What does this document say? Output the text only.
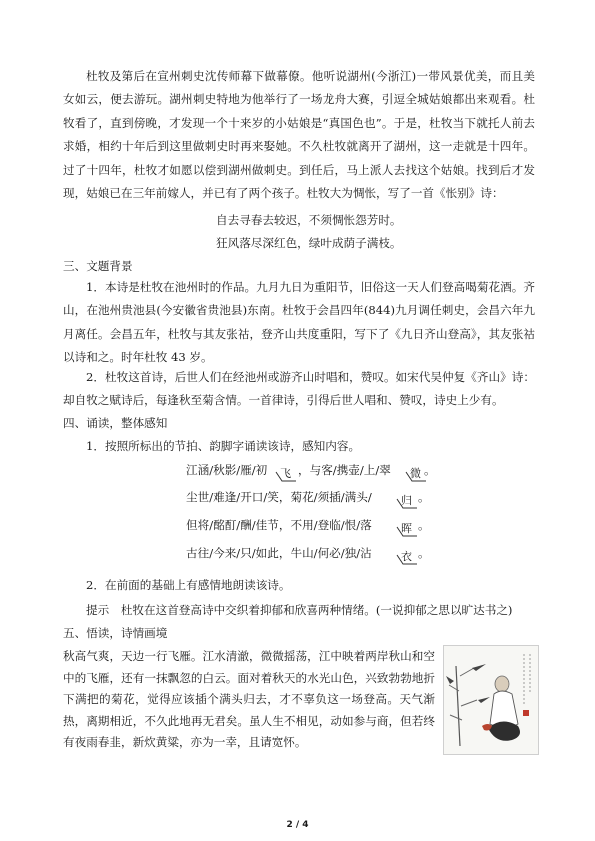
杜牧及第后在宣州刺史沈传师幕下做幕僚。他听说湖州(今浙江)一带风景优美，而且美女如云，便去游玩。湖州刺史特地为他举行了一场龙舟大赛，引逗全城姑娘都出来观看。杜牧看了，直到傍晚，才发现一个十来岁的小姑娘是“真国色也”。于是，杜牧当下就托人前去求婚，相约十年后到这里做刺史时再来娶她。不久杜牧就离开了湖州，这一走就是十四年。过了十四年，杜牧才如愿以偿到湖州做刺史。到任后，马上派人去找这个姑娘。找到后才发现，姑娘已在三年前嫁人，并已有了两个孩子。杜牧大为惆怅，写了一首《怅别》诗：
自去寻春去较迟，不须惆怅怨芳时。
狂风落尽深红色，绿叶成荫子满枝。
三、文题背景
1．本诗是杜牧在池州时的作品。九月九日为重阳节，旧俗这一天人们登高喝菊花酒。齐山，在池州贵池县(今安徽省贵池县)东南。杜牧于会昌四年(844)九月调任刺史，会昌六年九月离任。会昌五年，杜牧与其友张祜，登齐山共度重阳，写下了《九日齐山登高》，其友张祜以诗和之。时年杜牧 43 岁。
2．杜牧这首诗，后世人们在经池州或游齐山时唱和，赞叹。如宋代吴仲复《齐山》诗：却自牧之赋诗后，每逢秋至菊含情。一首律诗，引得后世人唱和、赞叹，诗史上少有。
四、诵读，整体感知
1．按照所标出的节拍、韵脚字诵读该诗，感知内容。
江涵/秋影/雁/初 飞 ，与客/携壶/上/翠 微 。
尘世/难逢/开口/笑，菊花/须插/满头/	归 。
但将/酩酊/酬/佳节，不用/登临/恨/落	晖 。
古往/今来/只/如此，牛山/何必/独/沾	衣 。
2．在前面的基础上有感情地朗读该诗。
提示　 杜牧在这首登高诗中交织着抑郁和欣喜两种情绪。(一说抑郁之思以旷达书之)
五、悟读，诗情画境
秋高气爽，天边一行飞雁。江水清澈，微微摇荡，江中映着两岸秋山和空中的飞雁，还有一抹飘忽的白云。面对着秋天的水光山色，兴致勃勃地折下满把的菊花，觉得应该插个满头归去，才不辜负这一场登高。天气渐热，离期相近，不久此地再无君矣。虽人生不相见，动如参与商，但若终有夜雨春韭，新炊黄粱，亦为一幸，且请宽怀。
2 / 4
